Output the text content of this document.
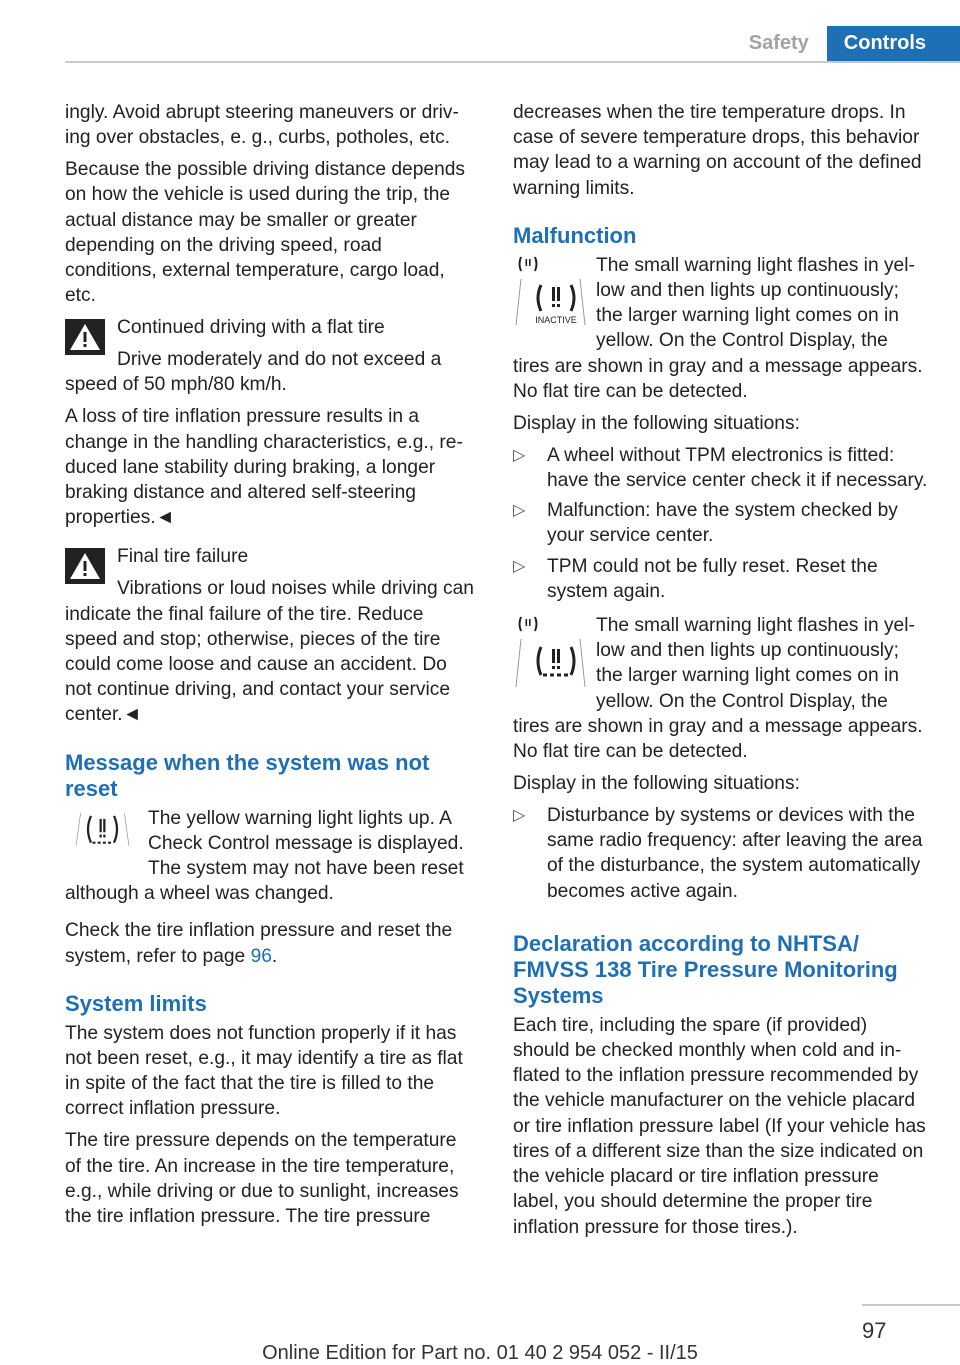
Safety	Controls

ingly. Avoid abrupt steering maneuvers or driving over obstacles, e. g., curbs, potholes, etc.

Because the possible driving distance depends on how the vehicle is used during the trip, the actual distance may be smaller or greater depending on the driving speed, road conditions, external temperature, cargo load, etc.

Continued driving with a flat tire

Drive moderately and do not exceed a speed of 50 mph/80 km/h.

A loss of tire inflation pressure results in a change in the handling characteristics, e.g., reduced lane stability during braking, a longer braking distance and altered self-steering properties.◄

Final tire failure

Vibrations or loud noises while driving can indicate the final failure of the tire. Reduce speed and stop; otherwise, pieces of the tire could come loose and cause an accident. Do not continue driving, and contact your service center.◄

Message when the system was not reset

The yellow warning light lights up. A Check Control message is displayed. The system may not have been reset although a wheel was changed.

Check the tire inflation pressure and reset the system, refer to page 96.

System limits

The system does not function properly if it has not been reset, e.g., it may identify a tire as flat in spite of the fact that the tire is filled to the correct inflation pressure.

The tire pressure depends on the temperature of the tire. An increase in the tire temperature, e.g., while driving or due to sunlight, increases the tire inflation pressure. The tire pressure

decreases when the tire temperature drops. In case of severe temperature drops, this behavior may lead to a warning on account of the defined warning limits.

Malfunction
INACTIVE

The small warning light flashes in yellow and then lights up continuously; the larger warning light comes on in yellow. On the Control Display, the tires are shown in gray and a message appears. No flat tire can be detected.

Display in the following situations:

▷ A wheel without TPM electronics is fitted: have the service center check it if necessary.
▷ Malfunction: have the system checked by your service center.
▷ TPM could not be fully reset. Reset the system again.

The small warning light flashes in yellow and then lights up continuously; the larger warning light comes on in yellow. On the Control Display, the tires are shown in gray and a message appears. No flat tire can be detected.

Display in the following situations:

▷ Disturbance by systems or devices with the same radio frequency: after leaving the area of the disturbance, the system automatically becomes active again.
Declaration according to NHTSA/ FMVSS 138 Tire Pressure Monitoring Systems

Each tire, including the spare (if provided) should be checked monthly when cold and inflated to the inflation pressure recommended by the vehicle manufacturer on the vehicle placard or tire inflation pressure label (If your vehicle has tires of a different size than the size indicated on the vehicle placard or tire inflation pressure label, you should determine the proper tire inflation pressure for those tires.).

97
Online Edition for Part no. 01 40 2 954 052 - II/15
